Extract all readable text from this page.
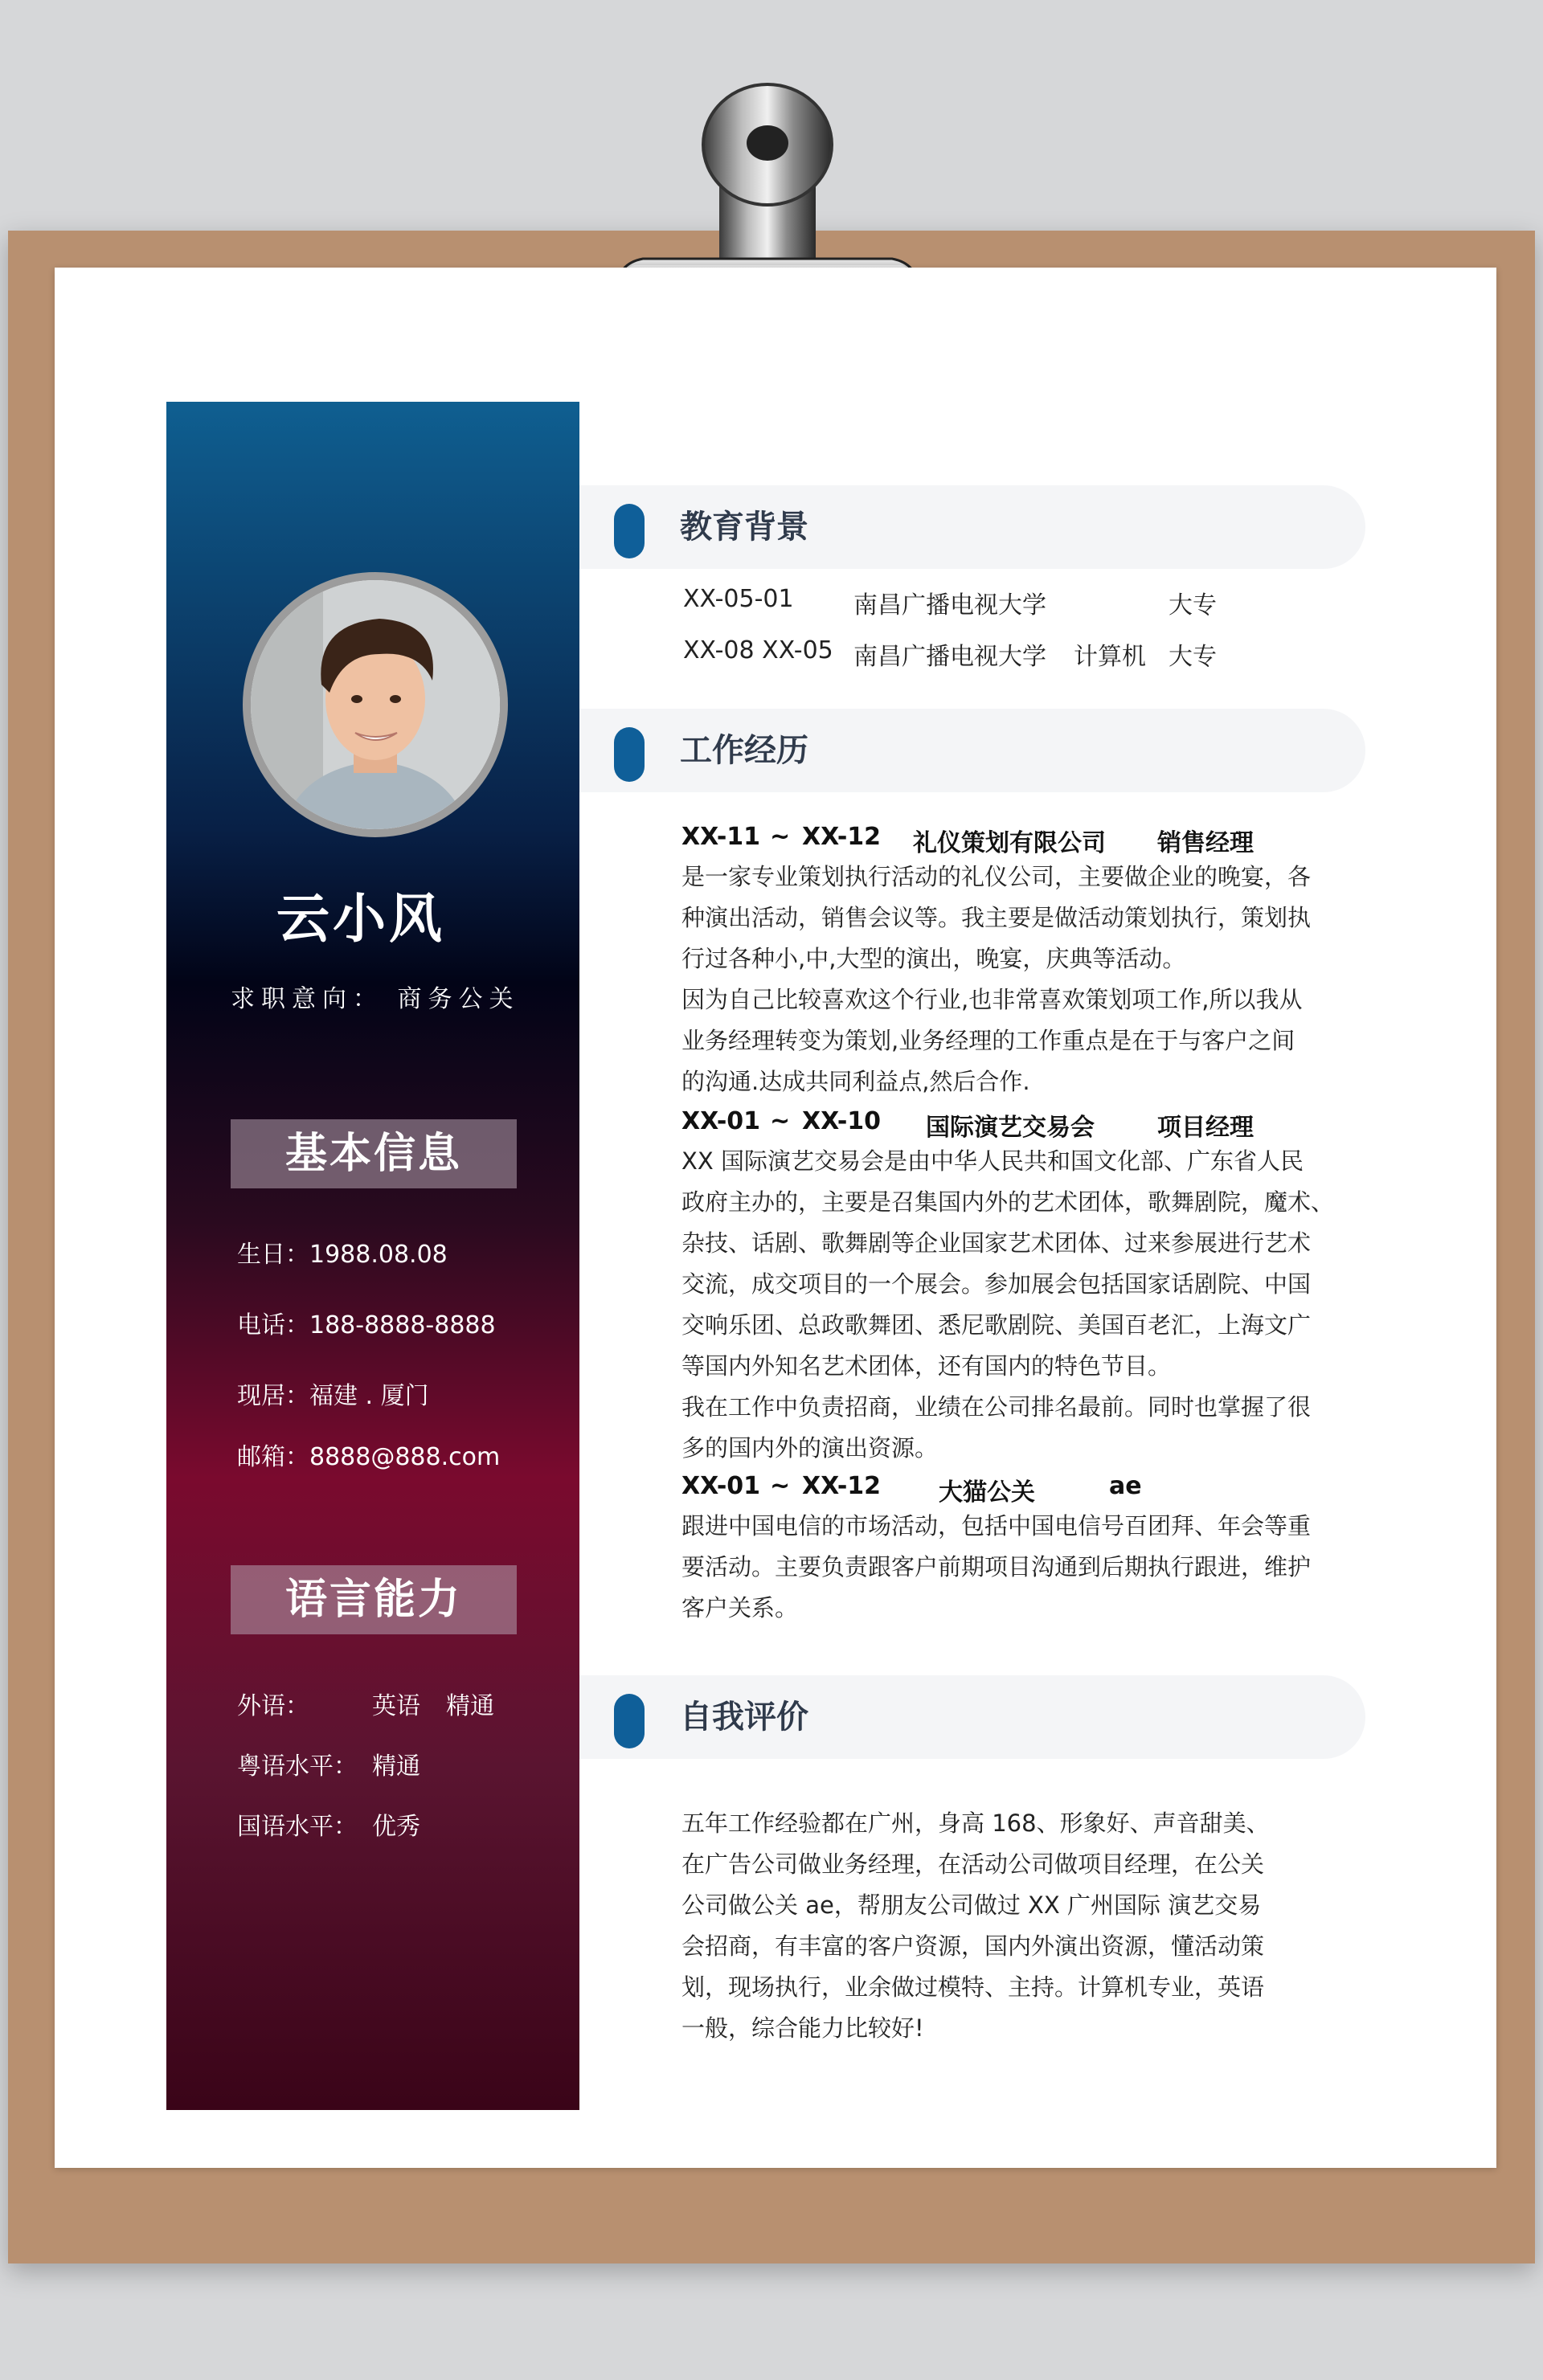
云小风
求职意向： 商务公关
基本信息
生日：1988.08.08
电话：188-8888-8888
现居：福建 . 厦门
邮箱：8888@888.com
语言能力
外语：	英语 精通
粤语水平： 精通
国语水平： 优秀
教育背景
XX-05-01 南昌广播电视大学	大专
XX-08 XX-05 南昌广播电视大学 计算机 大专
工作经历
XX-11 ~ XX-12 礼仪策划有限公司 销售经理
是一家专业策划执行活动的礼仪公司，主要做企业的晚宴，各
种演出活动，销售会议等。我主要是做活动策划执行，策划执
行过各种小,中,大型的演出，晚宴，庆典等活动。
因为自己比较喜欢这个行业,也非常喜欢策划项工作,所以我从
业务经理转变为策划,业务经理的工作重点是在于与客户之间
的沟通.达成共同利益点,然后合作.
XX-01 ~ XX-10 国际演艺交易会	项目经理
XX 国际演艺交易会是由中华人民共和国文化部、广东省人民
政府主办的，主要是召集国内外的艺术团体，歌舞剧院，魔术、
杂技、话剧、歌舞剧等企业国家艺术团体、过来参展进行艺术
交流，成交项目的一个展会。参加展会包括国家话剧院、中国
交响乐团、总政歌舞团、悉尼歌剧院、美国百老汇，上海文广
等国内外知名艺术团体，还有国内的特色节目。
我在工作中负责招商，业绩在公司排名最前。同时也掌握了很
多的国内外的演出资源。
XX-01 ~ XX-12 大猫公关	ae
跟进中国电信的市场活动，包括中国电信号百团拜、年会等重
要活动。主要负责跟客户前期项目沟通到后期执行跟进，维护
客户关系。
自我评价
五年工作经验都在广州，身高 168、形象好、声音甜美、
在广告公司做业务经理，在活动公司做项目经理，在公关
公司做公关 ae，帮朋友公司做过 XX 广州国际 演艺交易
会招商，有丰富的客户资源，国内外演出资源，懂活动策
划，现场执行，业余做过模特、主持。计算机专业，英语
一般，综合能力比较好!
